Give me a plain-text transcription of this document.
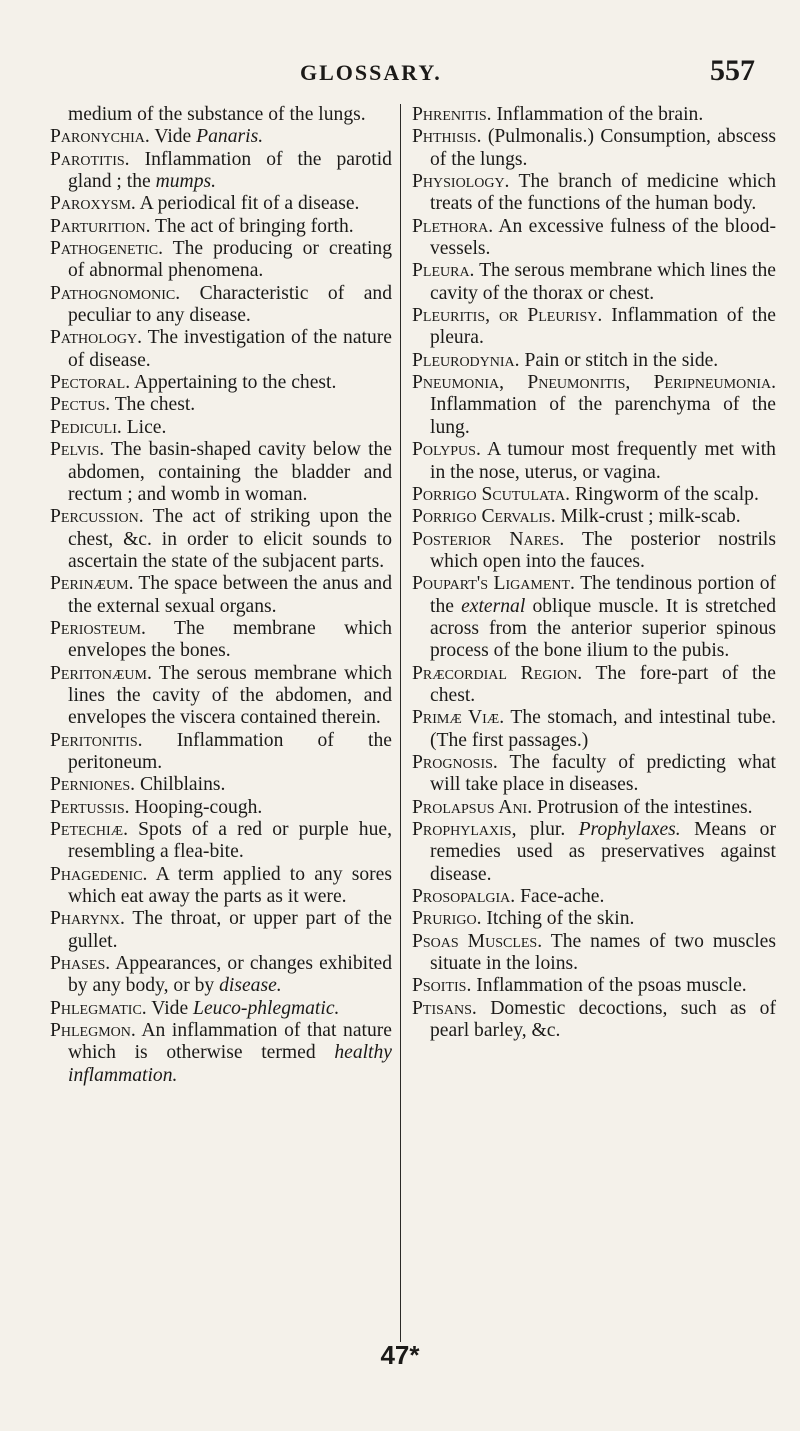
GLOSSARY.	557

medium of the substance of the lungs.

Paronychia. Vide Panaris.

Parotitis. Inflammation of the parotid gland ; the mumps.

Paroxysm. A periodical fit of a disease.

Parturition. The act of bringing forth.

Pathogenetic. The producing or creating of abnormal phenomena.

Pathognomonic. Characteristic of and peculiar to any disease.

Pathology. The investigation of the nature of disease.

Pectoral. Appertaining to the chest.

Pectus. The chest.

Pediculi. Lice.

Pelvis. The basin-shaped cavity below the abdomen, containing the bladder and rectum ; and womb in woman.

Percussion. The act of striking upon the chest, &c. in order to elicit sounds to ascertain the state of the subjacent parts.

Perinæum. The space between the anus and the external sexual organs.

Periosteum. The membrane which envelopes the bones.

Peritonæum. The serous membrane which lines the cavity of the abdomen, and envelopes the viscera contained therein.

Peritonitis. Inflammation of the peritoneum.

Perniones. Chilblains.

Pertussis. Hooping-cough.

Petechiæ. Spots of a red or purple hue, resembling a flea-bite.

Phagedenic. A term applied to any sores which eat away the parts as it were.

Pharynx. The throat, or upper part of the gullet.

Phases. Appearances, or changes exhibited by any body, or by disease.

Phlegmatic. Vide Leuco-phlegmatic.

Phlegmon. An inflammation of that nature which is otherwise termed healthy inflammation.

Phrenitis. Inflammation of the brain.

Phthisis. (Pulmonalis.) Consumption, abscess of the lungs.

Physiology. The branch of medicine which treats of the functions of the human body.

Plethora. An excessive fulness of the blood-vessels.

Pleura. The serous membrane which lines the cavity of the thorax or chest.

Pleuritis, or Pleurisy. Inflammation of the pleura.

Pleurodynia. Pain or stitch in the side.

Pneumonia, Pneumonitis, Peripneumonia. Inflammation of the parenchyma of the lung.

Polypus. A tumour most frequently met with in the nose, uterus, or vagina.

Porrigo Scutulata. Ringworm of the scalp.

Porrigo Cervalis. Milk-crust ; milk-scab.

Posterior Nares. The posterior nostrils which open into the fauces.

Poupart's Ligament. The tendinous portion of the external oblique muscle. It is stretched across from the anterior superior spinous process of the bone ilium to the pubis.

Præcordial Region. The fore-part of the chest.

Primæ Viæ. The stomach, and intestinal tube. (The first passages.)

Prognosis. The faculty of predicting what will take place in diseases.

Prolapsus Ani. Protrusion of the intestines.

Prophylaxis, plur. Prophylaxes. Means or remedies used as preservatives against disease.

Prosopalgia. Face-ache.

Prurigo. Itching of the skin.

Psoas Muscles. The names of two muscles situate in the loins.

Psoitis. Inflammation of the psoas muscle.

Ptisans. Domestic decoctions, such as of pearl barley, &c.

47*
